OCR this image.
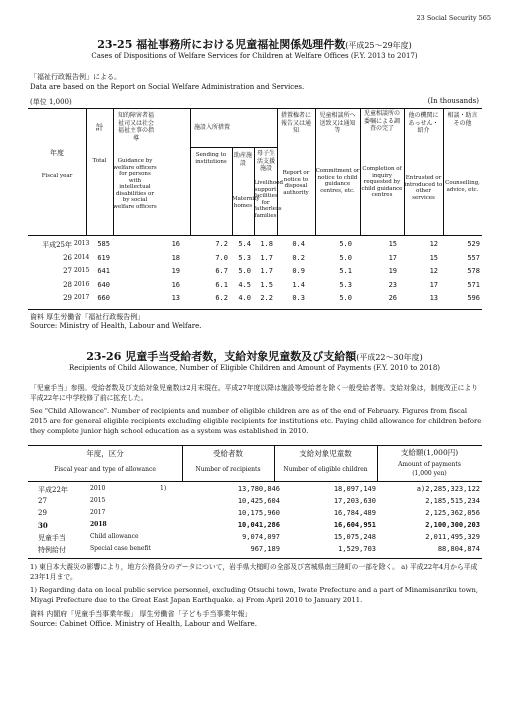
23 Social Security 565
23-25 福祉事務所における児童福祉関係処理件数(平成25～29年度)
Cases of Dispositions of Welfare Services for Children at Welfare Offices (F.Y. 2013 to 2017)
「福祉行政報告例」による。
Data are based on the Report on Social Welfare Administration and Services.
(単位 1,000)	(In thousands)
年度
Fiscal year
計
Total
知的障害者福祉司又は社会福祉主事の指導
Guidance by welfare officers for persons with intellectual disabilities or by social welfare officers
施設入所措置
Sending to institutions
助産施設
Maternity homes
母子生活支援施設
Livelihood support facilities for fatherless families
措置権者に報告又は通知
Report or notice to disposal authority
児童相談所へ送致又は通知等
Commitment or notice to child guidance centres, etc.
児童相談所の委嘱による調査の完了
Completion of inquiry requested by child guidance centres
他の機関にあっせん・紹介
Entrusted or introduced to other services
相談・助言その他
Counselling, advice, etc.
平成25年 2013	585	16	7.2	5.4	1.8	0.4	5.0	15	12	529
26 2014	619	18	7.0	5.3	1.7	0.2	5.0	17	15	557
27 2015	641	19	6.7	5.0	1.7	0.9	5.1	19	12	578
28 2016	640	16	6.1	4.5	1.5	1.4	5.3	23	17	571
29 2017	660	13	6.2	4.0	2.2	0.3	5.0	26	13	596
資料 厚生労働省「福祉行政報告例」
Source: Ministry of Health, Labour and Welfare.
23-26 児童手当受給者数，支給対象児童数及び支給額(平成22～30年度)
Recipients of Child Allowance, Number of Eligible Children and Amount of Payments (F.Y. 2010 to 2018)
「児童手当」参照。受給者数及び支給対象児童数は2月末現在。平成27年度以降は施設等受給者を除く一般受給者等。支給対象は，制度改正により平成22年に中学校修了前に拡充した。
See "Child Allowance". Number of recipients and number of eligible children are as of the end of February. Figures from fiscal 2015 are for general eligible recipients excluding eligible recipients for institutions etc. Paying child allowance for children before they complete junior high school education as a system was established in 2010.
年度，区分
Fiscal year and type of allowance
受給者数
Number of recipients
支給対象児童数
Number of eligible children
支給額(1,000円)
Amount of payments
(1,000 yen)
平成22年	2010	1)	13,780,846	18,097,149	a)2,285,323,122
27	2015	10,425,604	17,203,630	2,185,515,234
29	2017	10,175,960	16,784,489	2,125,362,056
30	2018	10,041,286	16,604,951	2,100,300,203
児童手当	Child allowance	9,074,097	15,075,248	2,011,495,329
特例給付	Special case benefit	967,189	1,529,703	88,804,874
1) 東日本大震災の影響により，地方公務員分のデータについて，岩手県大槌町の全部及び宮城県南三陸町の一部を除く。 a) 平成22年4月から平成23年1月まで。
1) Regarding data on local public service personnel, excluding Otsuchi town, Iwate Prefecture and a part of Minamisanriku town, Miyagi Prefecture due to the Great East Japan Earthquake. a) From April 2010 to January 2011.
資料 内閣府「児童手当事業年報」 厚生労働省「子ども手当事業年報」
Source: Cabinet Office. Ministry of Health, Labour and Welfare.
